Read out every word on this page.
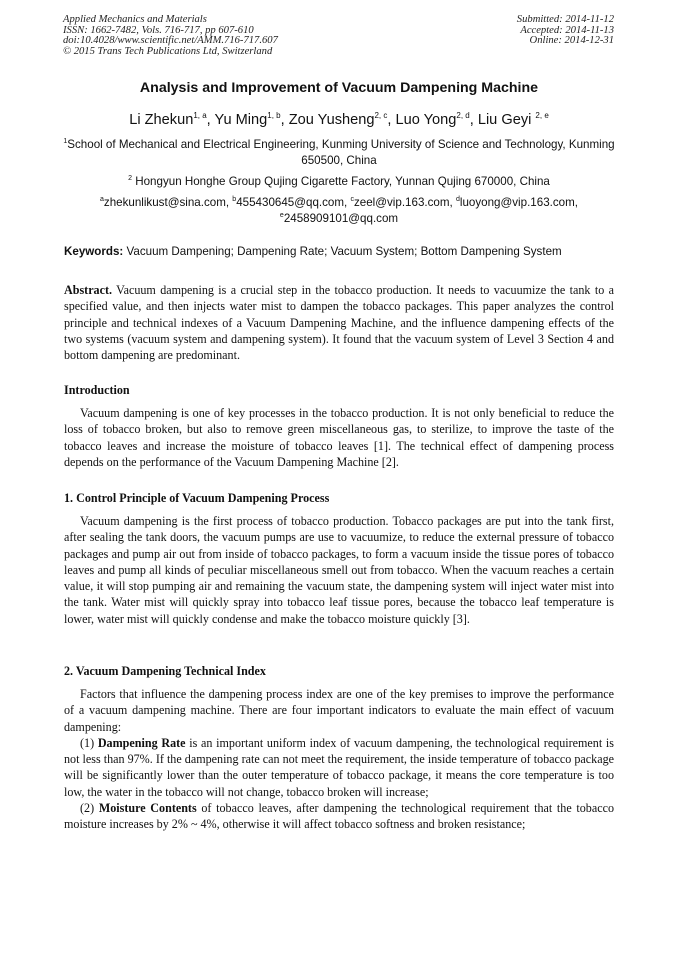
Applied Mechanics and Materials
ISSN: 1662-7482, Vols. 716-717, pp 607-610
doi:10.4028/www.scientific.net/AMM.716-717.607
© 2015 Trans Tech Publications Ltd, Switzerland
Submitted: 2014-11-12
Accepted: 2014-11-13
Online: 2014-12-31
Analysis and Improvement of Vacuum Dampening Machine
Li Zhekun$^{1, a}$, Yu Ming$^{1, b}$, Zou Yusheng$^{2, c}$, Luo Yong$^{2, d}$, Liu Geyi $^{2, e}$
$^1$School of Mechanical and Electrical Engineering, Kunming University of Science and Technology, Kunming 650500, China
$^2$ Hongyun Honghe Group Qujing Cigarette Factory, Yunnan Qujing 670000, China
$^a$zhekunlikust@sina.com, $^b$455430645@qq.com, $^c$zeel@vip.163.com, $^d$luoyong@vip.163.com,
$^e$2458909101@qq.com
Keywords: Vacuum Dampening; Dampening Rate; Vacuum System; Bottom Dampening System

Abstract. Vacuum dampening is a crucial step in the tobacco production. It needs to vacuumize the tank to a specified value, and then injects water mist to dampen the tobacco packages. This paper analyzes the control principle and technical indexes of a Vacuum Dampening Machine, and the influence dampening effects of the two systems (vacuum system and dampening system). It found that the vacuum system of Level 3 Section 4 and bottom dampening are predominant.

Introduction

Vacuum dampening is one of key processes in the tobacco production. It is not only beneficial to reduce the loss of tobacco broken, but also to remove green miscellaneous gas, to sterilize, to improve the taste of the tobacco leaves and increase the moisture of tobacco leaves [1]. The technical effect of dampening process depends on the performance of the Vacuum Dampening Machine [2].

1. Control Principle of Vacuum Dampening Process

Vacuum dampening is the first process of tobacco production. Tobacco packages are put into the tank first, after sealing the tank doors, the vacuum pumps are use to vacuumize, to reduce the external pressure of tobacco packages and pump air out from inside of tobacco packages, to form a vacuum inside the tissue pores of tobacco leaves and pump all kinds of peculiar miscellaneous smell out from tobacco. When the vacuum reaches a certain value, it will stop pumping air and remaining the vacuum state, the dampening system will inject water mist into the tank. Water mist will quickly spray into tobacco leaf tissue pores, because the tobacco leaf temperature is lower, water mist will quickly condense and make the tobacco moisture quickly [3].

2. Vacuum Dampening Technical Index

Factors that influence the dampening process index are one of the key premises to improve the performance of a vacuum dampening machine. There are four important indicators to evaluate the main effect of vacuum dampening:

(1) Dampening Rate is an important uniform index of vacuum dampening, the technological requirement is not less than 97%. If the dampening rate can not meet the requirement, the inside temperature of tobacco package will be significantly lower than the outer temperature of tobacco package, it means the core temperature is too low, the water in the tobacco will not change, tobacco broken will increase;

(2) Moisture Contents of tobacco leaves, after dampening the technological requirement that the tobacco moisture increases by 2% ~ 4%, otherwise it will affect tobacco softness and broken resistance;
